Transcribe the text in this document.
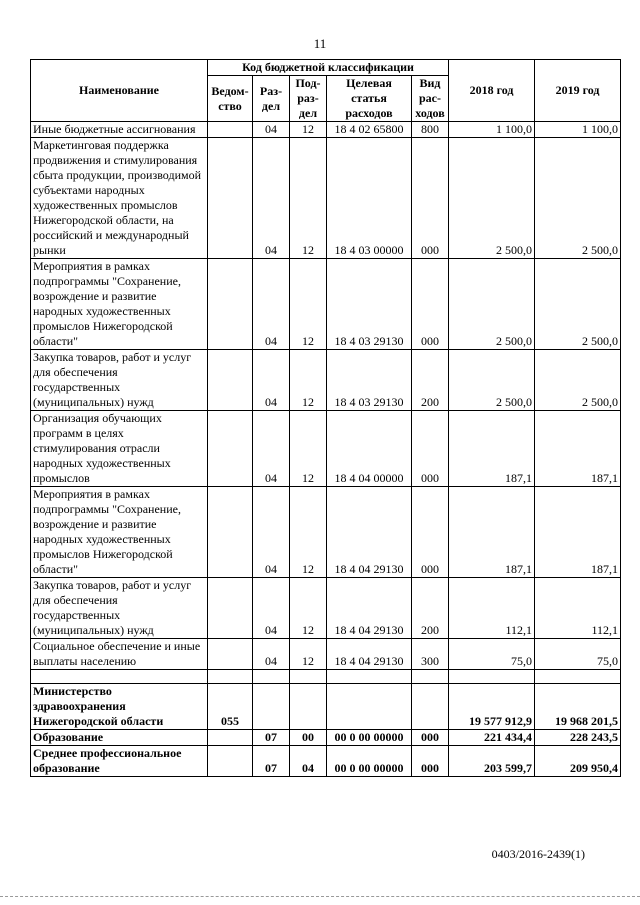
11
Наименование	Код бюджетной классификации					2018 год	2019 год
	Ведом-ство	Раз-дел	Под-раз-дел	Целевая статья расходов	Вид рас-ходов		
Иные бюджетные ассигнования		04	12	18 4 02 65800	800	1 100,0	1 100,0
Маркетинговая поддержка продвижения и стимулирования сбыта продукции, производимой субъектами народных художественных промыслов Нижегородской области, на российский и международный рынки		04	12	18 4 03 00000	000	2 500,0	2 500,0
Мероприятия в рамках подпрограммы "Сохранение, возрождение и развитие народных художественных промыслов Нижегородской области"		04	12	18 4 03 29130	000	2 500,0	2 500,0
Закупка товаров, работ и услуг для обеспечения государственных (муниципальных) нужд		04	12	18 4 03 29130	200	2 500,0	2 500,0
Организация обучающих программ в целях стимулирования отрасли народных художественных промыслов		04	12	18 4 04 00000	000	187,1	187,1
Мероприятия в рамках подпрограммы "Сохранение, возрождение и развитие народных художественных промыслов Нижегородской области"		04	12	18 4 04 29130	000	187,1	187,1
Закупка товаров, работ и услуг для обеспечения государственных (муниципальных) нужд		04	12	18 4 04 29130	200	112,1	112,1
Социальное обеспечение и иные выплаты населению		04	12	18 4 04 29130	300	75,0	75,0

Министерство здравоохранения Нижегородской области	055					19 577 912,9	19 968 201,5
Образование		07	00	00 0 00 00000	000	221 434,4	228 243,5
Среднее профессиональное образование		07	04	00 0 00 00000	000	203 599,7	209 950,4
0403/2016-2439(1)
